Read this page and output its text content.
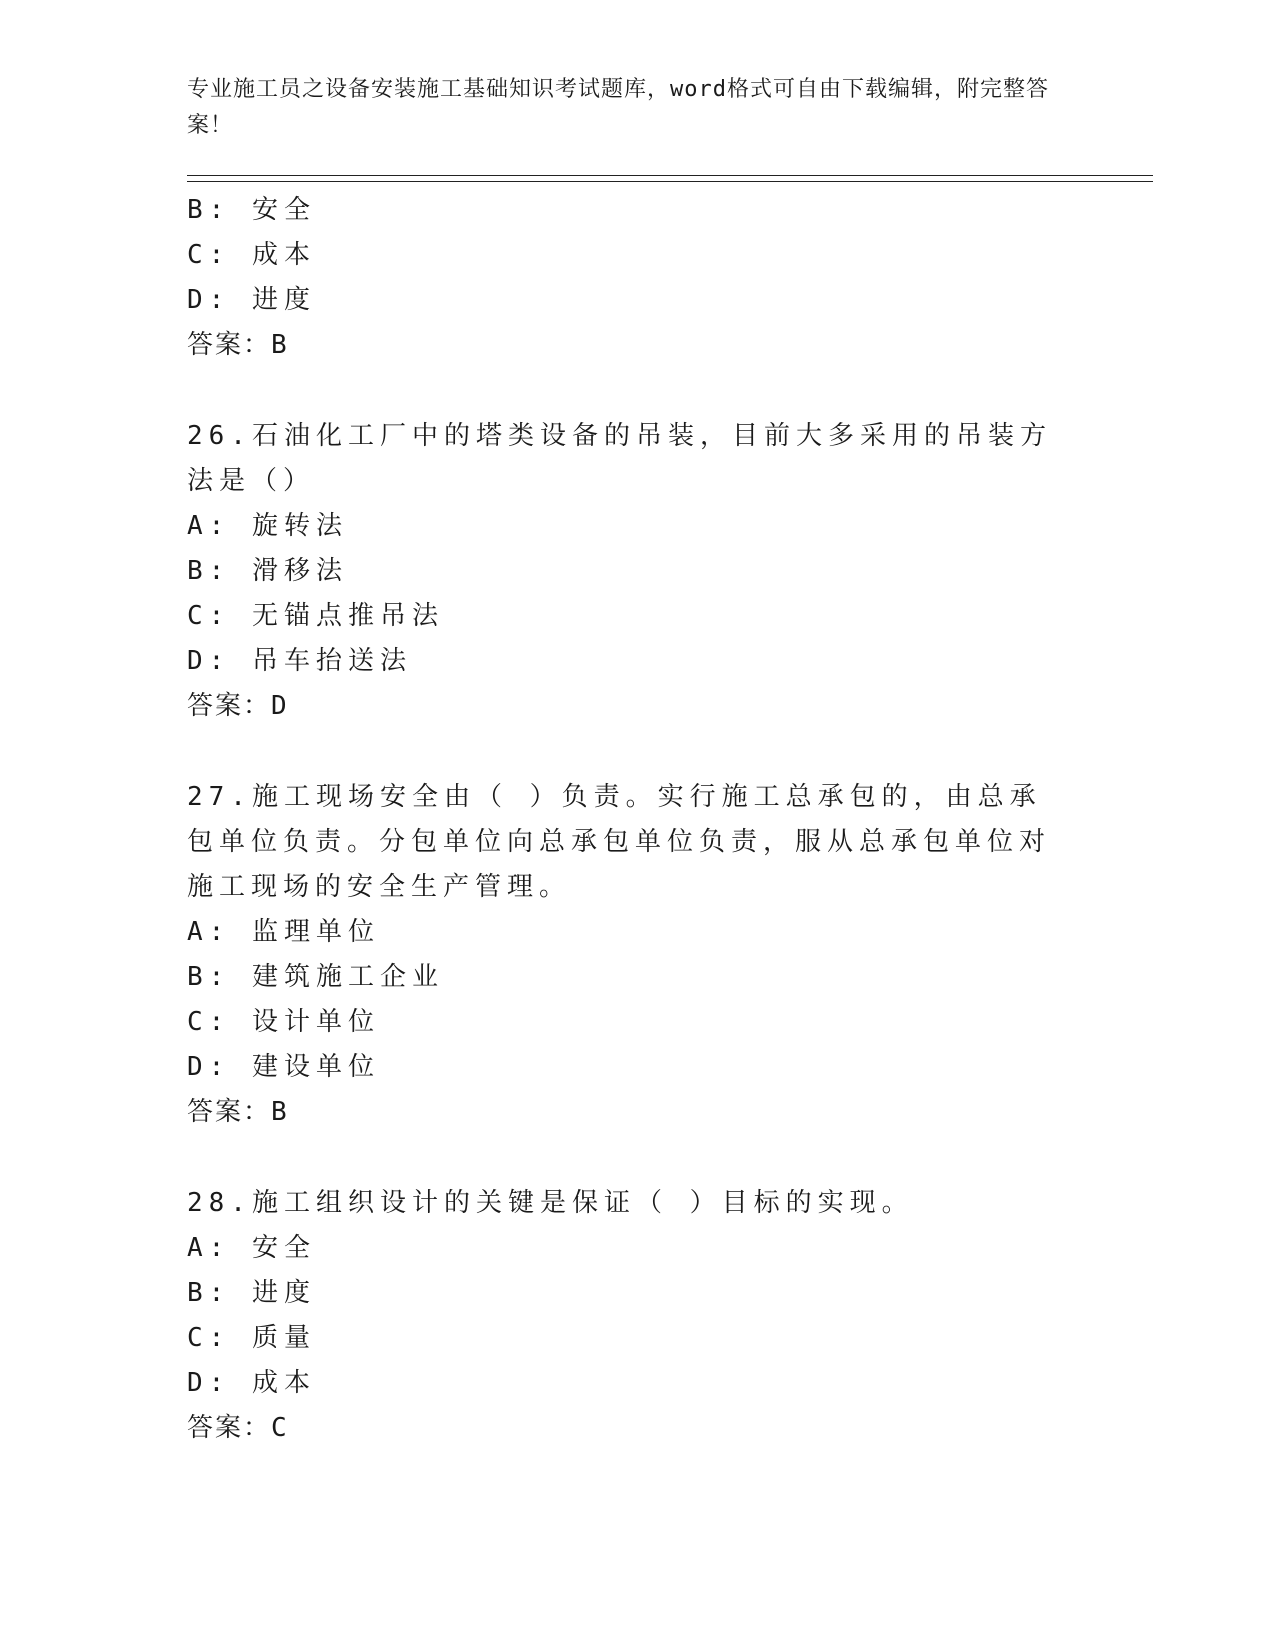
专业施工员之设备安装施工基础知识考试题库，word格式可自由下载编辑，附完整答案！
B: 安全
C: 成本
D: 进度
答案：B
26.石油化工厂中的塔类设备的吊装，目前大多采用的吊装方法是（）
A: 旋转法
B: 滑移法
C: 无锚点推吊法
D: 吊车抬送法
答案：D
27.施工现场安全由（ ）负责。实行施工总承包的，由总承包单位负责。分包单位向总承包单位负责，服从总承包单位对施工现场的安全生产管理。
A: 监理单位
B: 建筑施工企业
C: 设计单位
D: 建设单位
答案：B
28.施工组织设计的关键是保证（ ）目标的实现。
A: 安全
B: 进度
C: 质量
D: 成本
答案：C
